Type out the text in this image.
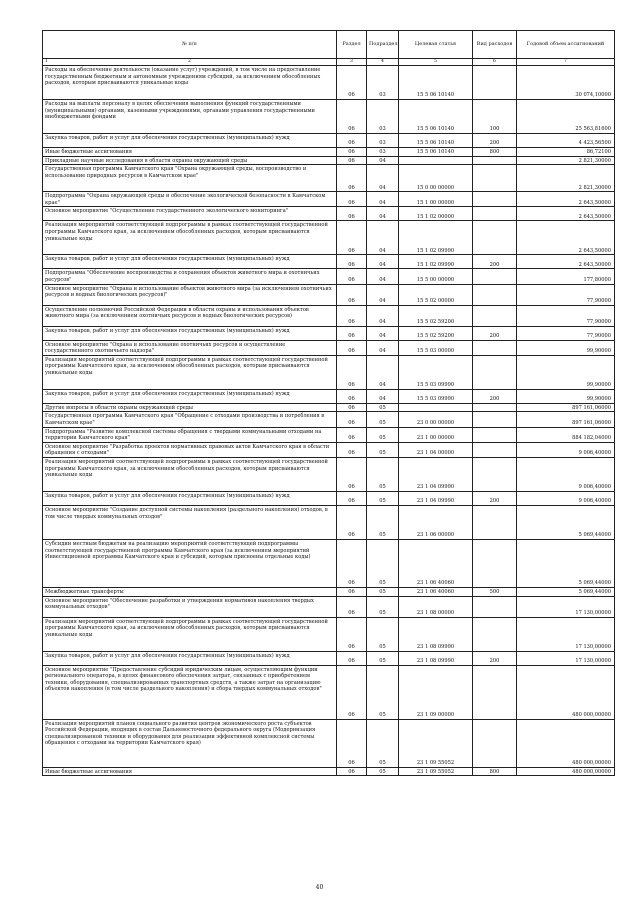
№ п/п	Раздел	Подраздел	Целевая статья	Вид расходов	Годовой объем ассигнований

1 2	3	4	5	6	7
Расходы на обеспечение деятельности (оказание услуг) учреждений, в том числе на предоставление государственным бюджетным и автономным учреждениям субсидий, за исключением обособленных расходов, которым присваиваются уникальные коды	06	03	15 5 06 10140		30 074,10000
Расходы на выплаты персоналу в целях обеспечения выполнения функций государственными (муниципальными) органами, казенными учреждениями, органами управления государственными внебюджетными фондами	06	03	15 5 06 10140	100	25 563,81600
Закупка товаров, работ и услуг для обеспечения государственных (муниципальных) нужд	06	03	15 5 06 10140	200	4 423,56500
Иные бюджетные ассигнования	06	03	15 5 06 10140	800	86,72100
Прикладные научные исследования в области охраны окружающей среды	06	04			2 821,30000
Государственная программа Камчатского края "Охрана окружающей среды, воспроизводство и использование природных ресурсов в Камчатском крае"	06	04	15 0 00 00000		2 821,30000
Подпрограмма "Охрана окружающей среды и обеспечение экологической безопасности в Камчатском крае"	06	04	15 1 00 00000		2 643,50000
Основное мероприятие "Осуществление государственного экологического мониторинга"	06	04	15 1 02 00000		2 643,50000
Реализация мероприятий соответствующей подпрограммы в рамках соответствующей государственной программы Камчатского края, за исключением обособленных расходов, которым присваиваются уникальные коды	06	04	15 1 02 09990		2 643,50000
Закупка товаров, работ и услуг для обеспечения государственных (муниципальных) нужд	06	04	15 1 02 09990	200	2 643,50000
Подпрограмма "Обеспечение воспроизводства и сохранения объектов животного мира и охотничьих ресурсов"	06	04	15 5 00 00000		177,80000
Основное мероприятие "Охрана и использование объектов животного мира (за исключением охотничьих ресурсов и водных биологических ресурсов)"	06	04	15 5 02 00000		77,90000
Осуществление полномочий Российской Федерации в области охраны и использования объектов животного мира (за исключением охотничьих ресурсов и водных биологических ресурсов)	06	04	15 5 02 59200		77,90000
Закупка товаров, работ и услуг для обеспечения государственных (муниципальных) нужд	06	04	15 5 02 59200	200	77,90000
Основное мероприятие "Охрана и использование охотничьих ресурсов и осуществление государственного охотничьего надзора"	06	04	15 5 03 00000		99,90000
Реализация мероприятий соответствующей подпрограммы в рамках соответствующей государственной программы Камчатского края, за исключением обособленных расходов, которым присваиваются уникальные коды	06	04	15 5 03 09990		99,90000
Закупка товаров, работ и услуг для обеспечения государственных (муниципальных) нужд	06	04	15 5 03 09990	200	99,90000
Другие вопросы в области охраны окружающей среды	06	05			897 161,06000
Государственная программа Камчатского края "Обращение с отходами производства и потребления в Камчатском крае"	06	05	23 0 00 00000		897 161,06000
Подпрограмма "Развитие комплексной системы обращения с твердыми коммунальными отходами на территории Камчатского края"	06	05	23 1 00 00000		884 182,04000
Основное мероприятие "Разработка проектов нормативных правовых актов Камчатского края в области обращения с отходами"	06	05	23 1 04 00000		9 006,40000
Реализация мероприятий соответствующей подпрограммы в рамках соответствующей государственной программы Камчатского края, за исключением обособленных расходов, которым присваиваются уникальные коды	06	05	23 1 04 09990		9 006,40000
Закупка товаров, работ и услуг для обеспечения государственных (муниципальных) нужд	06	05	23 1 04 09990	200	9 006,40000
Основное мероприятие "Создание доступной системы накопления (раздельного накопления) отходов, в том числе твердых коммунальных отходов"	06	05	23 1 06 00000		5 069,44000
Субсидии местным бюджетам на реализацию мероприятий соответствующей подпрограммы соответствующей государственной программы Камчатского края (за исключением мероприятий Инвестиционной программы Камчатского края и субсидий, которым присвоены отдельные коды)	06	05	23 1 06 40060		5 069,44000
Межбюджетные трансферты	06	05	23 1 06 40060	500	5 069,44000
Основное мероприятие "Обеспечение разработки и утверждения нормативов накопления твердых коммунальных отходов"	06	05	23 1 08 00000		17 130,00000
Реализация мероприятий соответствующей подпрограммы в рамках соответствующей государственной программы Камчатского края, за исключением обособленных расходов, которым присваиваются уникальные коды	06	05	23 1 08 09990		17 130,00000
Закупка товаров, работ и услуг для обеспечения государственных (муниципальных) нужд	06	05	23 1 08 09990	200	17 130,00000
Основное мероприятие "Предоставление субсидий юридическим лицам, осуществляющим функции регионального оператора, в целях финансового обеспечения затрат, связанных с приобретением техники, оборудования, специализированных транспортных средств, а также затрат на организацию объектов накопления (в том числе раздельного накопления) и сбора твердых коммунальных отходов"	06	05	23 1 09 00000		480 000,00000
Реализация мероприятий планов социального развития центров экономического роста субъектов Российской Федерации, входящих в состав Дальневосточного федерального округа (Модернизация специализированной техники и оборудования для реализации эффективной комплексной системы обращения с отходами на территории Камчатского края)	06	05	23 1 09 55052		480 000,00000
Иные бюджетные ассигнования	06	05	23 1 09 55052	800	480 000,00000
40
